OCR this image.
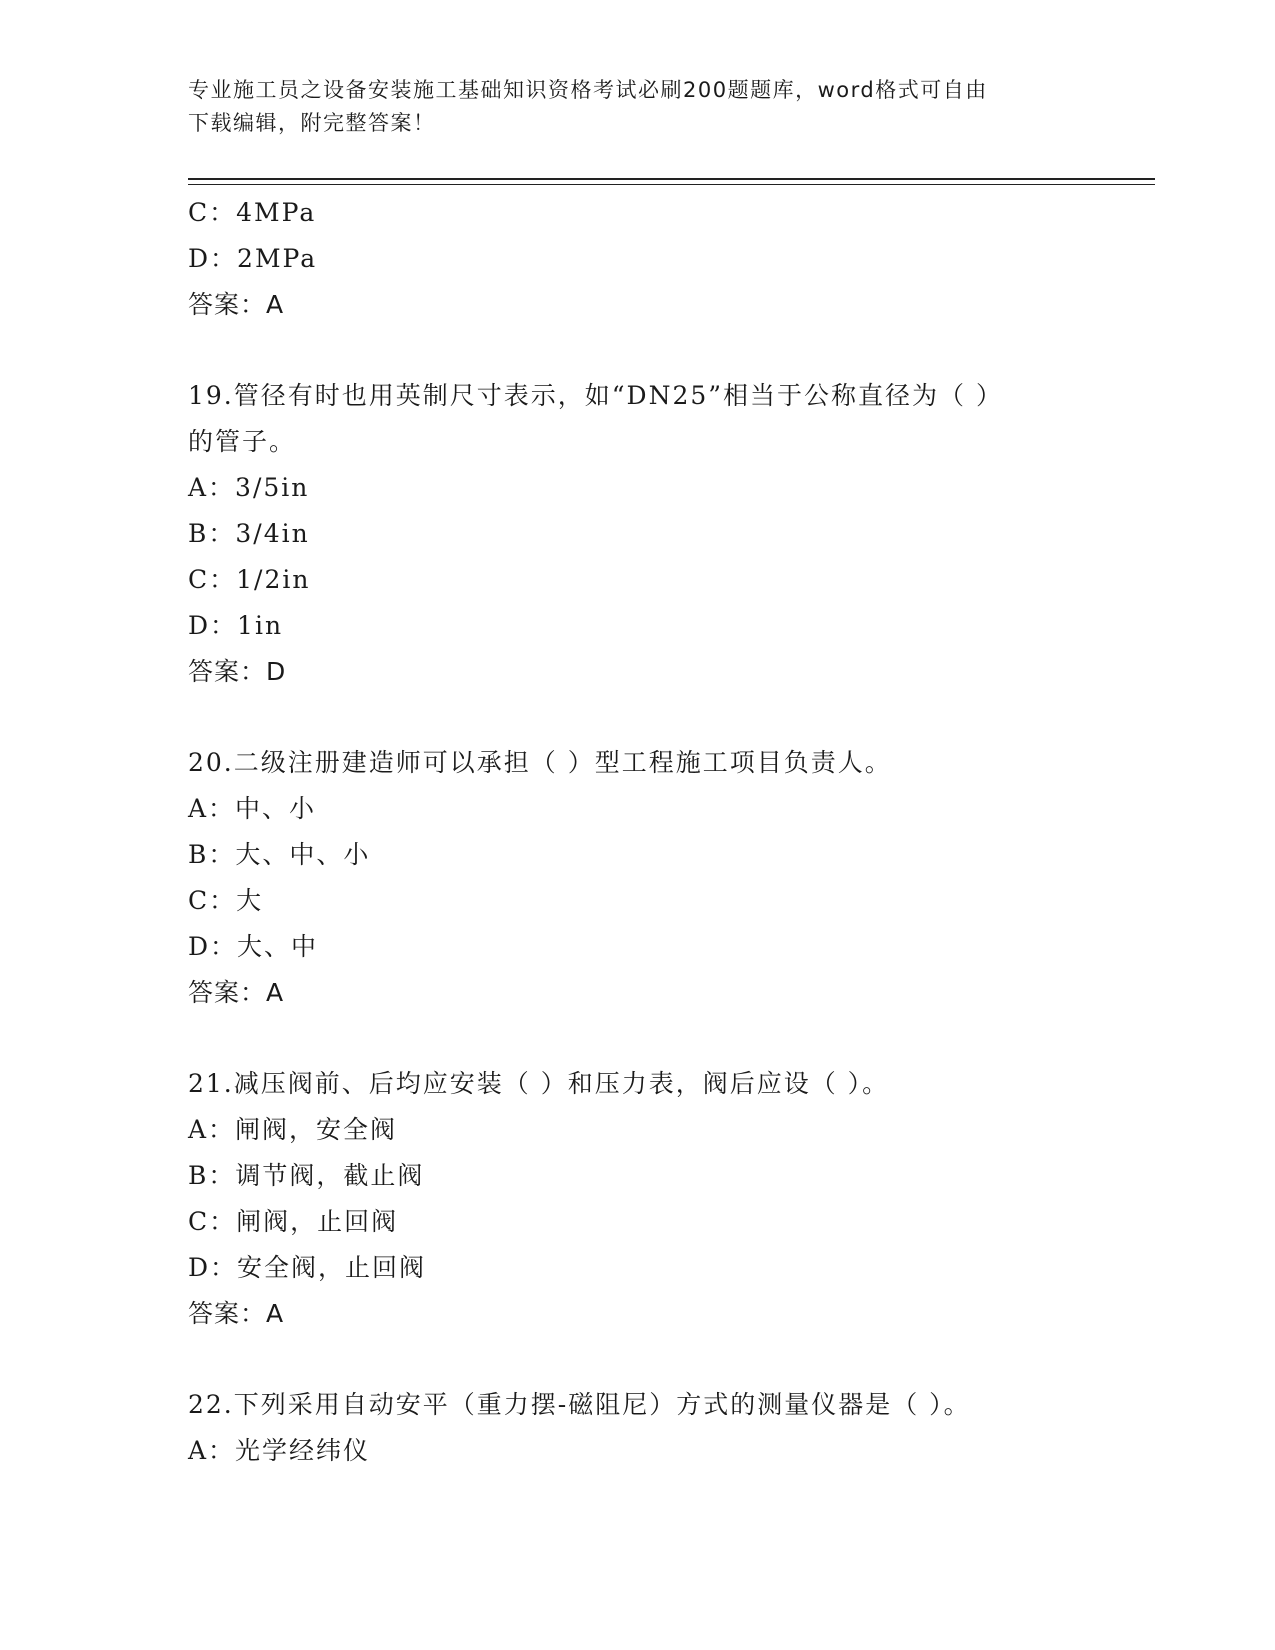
专业施工员之设备安装施工基础知识资格考试必刷200题题库，word格式可自由
下载编辑，附完整答案！
C：4MPa
D：2MPa
答案：A
19.管径有时也用英制尺寸表示，如“DN25”相当于公称直径为（ ）
的管子。
A：3/5in
B：3/4in
C：1/2in
D：1in
答案：D
20.二级注册建造师可以承担（ ）型工程施工项目负责人。
A：中、小
B：大、中、小
C：大
D：大、中
答案：A
21.减压阀前、后均应安装（ ）和压力表，阀后应设（ ）。
A：闸阀，安全阀
B：调节阀，截止阀
C：闸阀，止回阀
D：安全阀，止回阀
答案：A
22.下列采用自动安平（重力摆-磁阻尼）方式的测量仪器是（ ）。
A：光学经纬仪
